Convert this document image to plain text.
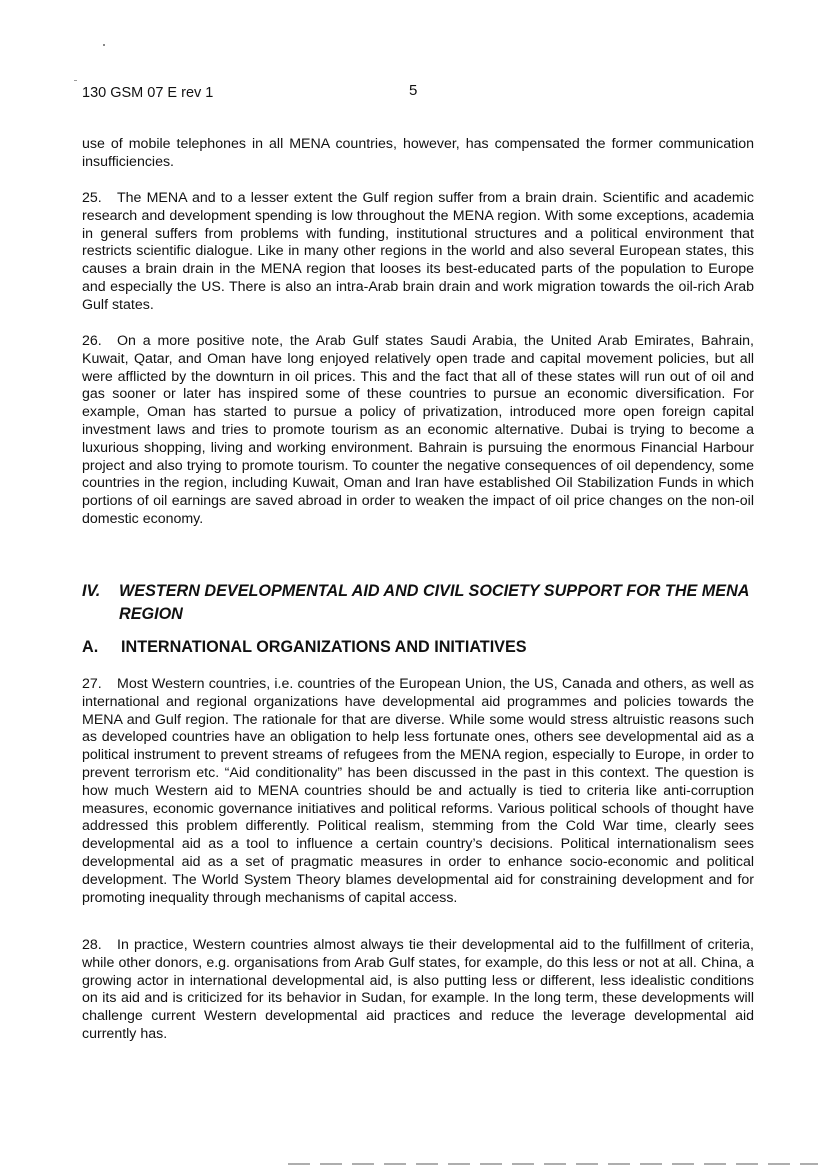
130 GSM 07 E rev 1	5

use of mobile telephones in all MENA countries, however, has compensated the former communication insufficiencies.

25. The MENA and to a lesser extent the Gulf region suffer from a brain drain. Scientific and academic research and development spending is low throughout the MENA region. With some exceptions, academia in general suffers from problems with funding, institutional structures and a political environment that restricts scientific dialogue. Like in many other regions in the world and also several European states, this causes a brain drain in the MENA region that looses its best-educated parts of the population to Europe and especially the US. There is also an intra-Arab brain drain and work migration towards the oil-rich Arab Gulf states.

26. On a more positive note, the Arab Gulf states Saudi Arabia, the United Arab Emirates, Bahrain, Kuwait, Qatar, and Oman have long enjoyed relatively open trade and capital movement policies, but all were afflicted by the downturn in oil prices. This and the fact that all of these states will run out of oil and gas sooner or later has inspired some of these countries to pursue an economic diversification. For example, Oman has started to pursue a policy of privatization, introduced more open foreign capital investment laws and tries to promote tourism as an economic alternative. Dubai is trying to become a luxurious shopping, living and working environment. Bahrain is pursuing the enormous Financial Harbour project and also trying to promote tourism. To counter the negative consequences of oil dependency, some countries in the region, including Kuwait, Oman and Iran have established Oil Stabilization Funds in which portions of oil earnings are saved abroad in order to weaken the impact of oil price changes on the non-oil domestic economy.

IV. WESTERN DEVELOPMENTAL AID AND CIVIL SOCIETY SUPPORT FOR THE MENA REGION
A. INTERNATIONAL ORGANIZATIONS AND INITIATIVES

27. Most Western countries, i.e. countries of the European Union, the US, Canada and others, as well as international and regional organizations have developmental aid programmes and policies towards the MENA and Gulf region. The rationale for that are diverse. While some would stress altruistic reasons such as developed countries have an obligation to help less fortunate ones, others see developmental aid as a political instrument to prevent streams of refugees from the MENA region, especially to Europe, in order to prevent terrorism etc. “Aid conditionality” has been discussed in the past in this context. The question is how much Western aid to MENA countries should be and actually is tied to criteria like anti-corruption measures, economic governance initiatives and political reforms. Various political schools of thought have addressed this problem differently. Political realism, stemming from the Cold War time, clearly sees developmental aid as a tool to influence a certain country’s decisions. Political internationalism sees developmental aid as a set of pragmatic measures in order to enhance socio-economic and political development. The World System Theory blames developmental aid for constraining development and for promoting inequality through mechanisms of capital access.

28. In practice, Western countries almost always tie their developmental aid to the fulfillment of criteria, while other donors, e.g. organisations from Arab Gulf states, for example, do this less or not at all. China, a growing actor in international developmental aid, is also putting less or different, less idealistic conditions on its aid and is criticized for its behavior in Sudan, for example. In the long term, these developments will challenge current Western developmental aid practices and reduce the leverage developmental aid currently has.
